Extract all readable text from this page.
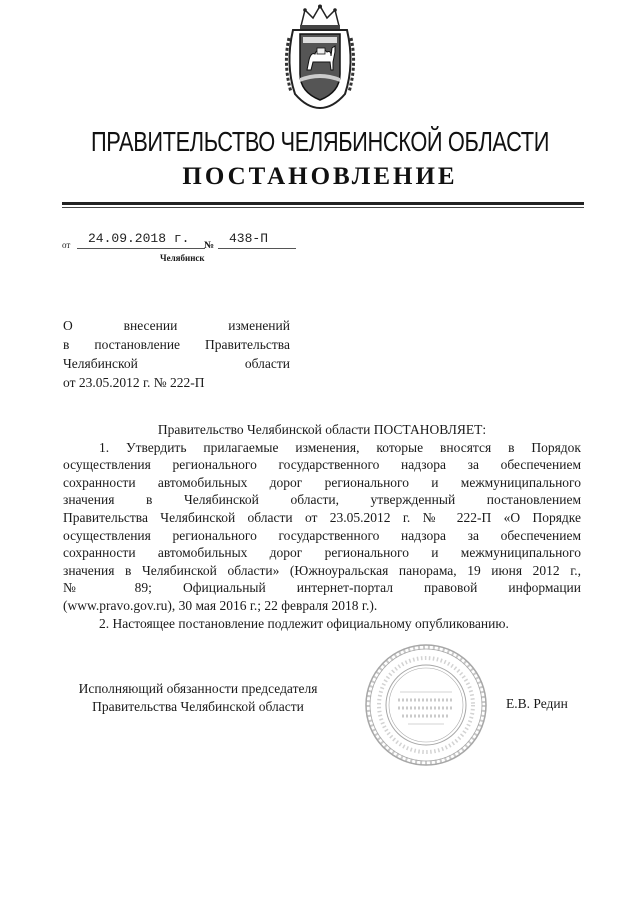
ПРАВИТЕЛЬСТВО ЧЕЛЯБИНСКОЙ ОБЛАСТИ
ПОСТАНОВЛЕНИЕ
от 24.09.2018 г. № 438-П
Челябинск
О	внесении	изменений
в постановление Правительства
Челябинской	области
от 23.05.2012 г. № 222-П
Правительство Челябинской области ПОСТАНОВЛЯЕТ:
1. Утвердить прилагаемые изменения, которые вносятся в Порядок
осуществления регионального государственного надзора за обеспечением
сохранности автомобильных дорог регионального и межмуниципального
значения в Челябинской области, утвержденный постановлением
Правительства Челябинской области от 23.05.2012 г. № 222-П «О Порядке
осуществления регионального государственного надзора за обеспечением
сохранности автомобильных дорог регионального и межмуниципального
значения в Челябинской области» (Южноуральская панорама, 19 июня 2012 г.,
№ 89; Официальный интернет-портал правовой информации
(www.pravo.gov.ru), 30 мая 2016 г.; 22 февраля 2018 г.).
2. Настоящее постановление подлежит официальному опубликованию.
Исполняющий обязанности председателя
Правительства Челябинской области	Е.В. Редин
